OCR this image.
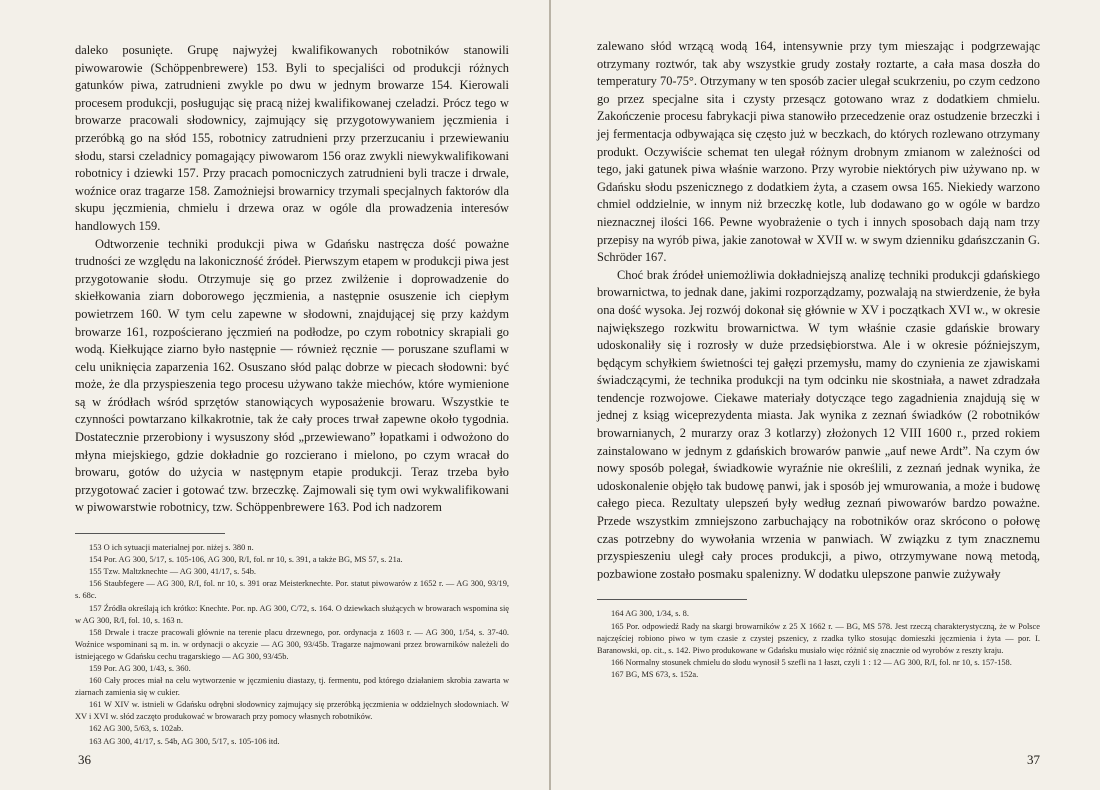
daleko posunięte. Grupę najwyżej kwalifikowanych robotników stanowili piwowarowie (Schöppenbrewere) 153. Byli to specjaliści od produkcji różnych gatunków piwa, zatrudnieni zwykle po dwu w jednym browarze 154. Kierowali procesem produkcji, posługując się pracą niżej kwalifikowanej czeladzi. Prócz tego w browarze pracowali słodownicy, zajmujący się przygotowywaniem jęczmienia i przeróbką go na słód 155, robotnicy zatrudnieni przy przerzucaniu i przewiewaniu słodu, starsi czeladnicy pomagający piwowarom 156 oraz zwykli niewykwalifikowani robotnicy i dziewki 157. Przy pracach pomocniczych zatrudnieni byli tracze i drwale, woźnice oraz tragarze 158. Zamożniejsi browarnicy trzymali specjalnych faktorów dla skupu jęczmienia, chmielu i drzewa oraz w ogóle dla prowadzenia interesów handlowych 159.

Odtworzenie techniki produkcji piwa w Gdańsku nastręcza dość poważne trudności ze względu na lakoniczność źródeł. Pierwszym etapem w produkcji piwa jest przygotowanie słodu. Otrzymuje się go przez zwilżenie i doprowadzenie do skiełkowania ziarn doborowego jęczmienia, a następnie osuszenie ich ciepłym powietrzem 160. W tym celu zapewne w słodowni, znajdującej się przy każdym browarze 161, rozpościerano jęczmień na podłodze, po czym robotnicy skrapiali go wodą. Kiełkujące ziarno było następnie — również ręcznie — poruszane szuflami w celu uniknięcia zaparzenia 162. Osuszano słód paląc dobrze w piecach słodowni: być może, że dla przyspieszenia tego procesu używano także miechów, które wymienione są w źródłach wśród sprzętów stanowiących wyposażenie browaru. Wszystkie te czynności powtarzano kilkakrotnie, tak że cały proces trwał zapewne około tygodnia. Dostatecznie przerobiony i wysuszony słód „przewiewano” łopatkami i odwożono do młyna miejskiego, gdzie dokładnie go rozcierano i mielono, po czym wracał do browaru, gotów do użycia w następnym etapie produkcji. Teraz trzeba było przygotować zacier i gotować tzw. brzeczkę. Zajmowali się tym owi wykwalifikowani w piwowarstwie robotnicy, tzw. Schöppenbrewere 163. Pod ich nadzorem

153 O ich sytuacji materialnej por. niżej s. 380 n.

154 Por. AG 300, 5/17, s. 105-106, AG 300, R/I, fol. nr 10, s. 391, a także BG, MS 57, s. 21a.

155 Tzw. Maltzknechte — AG 300, 41/17, s. 54b.

156 Staubfegere — AG 300, R/I, fol. nr 10, s. 391 oraz Meisterknechte. Por. statut piwowarów z 1652 r. — AG 300, 93/19, s. 68c.

157 Źródła określają ich krótko: Knechte. Por. np. AG 300, C/72, s. 164. O dziewkach służących w browarach wspomina się w AG 300, R/I, fol. 10, s. 163 n.

158 Drwale i tracze pracowali głównie na terenie placu drzewnego, por. ordynacja z 1603 r. — AG 300, 1/54, s. 37-40. Woźnice wspominani są m. in. w ordynacji o akcyzie — AG 300, 93/45b. Tragarze najmowani przez browarników należeli do istniejącego w Gdańsku cechu tragarskiego — AG 300, 93/45b.

159 Por. AG 300, 1/43, s. 360.

160 Cały proces miał na celu wytworzenie w jęczmieniu diastazy, tj. fermentu, pod którego działaniem skrobia zawarta w ziarnach zamienia się w cukier.

161 W XIV w. istnieli w Gdańsku odrębni słodownicy zajmujący się przeróbką jęczmienia w oddzielnych słodowniach. W XV i XVI w. słód zaczęto produkować w browarach przy pomocy własnych robotników.

162 AG 300, 5/63, s. 102ab.

163 AG 300, 41/17, s. 54b, AG 300, 5/17, s. 105-106 itd.

36

zalewano słód wrzącą wodą 164, intensywnie przy tym mieszając i podgrzewając otrzymany roztwór, tak aby wszystkie grudy zostały roztarte, a cała masa doszła do temperatury 70-75°. Otrzymany w ten sposób zacier ulegał scukrzeniu, po czym cedzono go przez specjalne sita i czysty przesącz gotowano wraz z dodatkiem chmielu. Zakończenie procesu fabrykacji piwa stanowiło przecedzenie oraz ostudzenie brzeczki i jej fermentacja odbywająca się często już w beczkach, do których rozlewano otrzymany produkt. Oczywiście schemat ten ulegał różnym drobnym zmianom w zależności od tego, jaki gatunek piwa właśnie warzono. Przy wyrobie niektórych piw używano np. w Gdańsku słodu pszenicznego z dodatkiem żyta, a czasem owsa 165. Niekiedy warzono chmiel oddzielnie, w innym niż brzeczkę kotle, lub dodawano go w ogóle w bardzo nieznacznej ilości 166. Pewne wyobrażenie o tych i innych sposobach dają nam trzy przepisy na wyrób piwa, jakie zanotował w XVII w. w swym dzienniku gdańszczanin G. Schröder 167.

Choć brak źródeł uniemożliwia dokładniejszą analizę techniki produkcji gdańskiego browarnictwa, to jednak dane, jakimi rozporządzamy, pozwalają na stwierdzenie, że była ona dość wysoka. Jej rozwój dokonał się głównie w XV i początkach XVI w., w okresie największego rozkwitu browarnictwa. W tym właśnie czasie gdańskie browary udoskonaliły się i rozrosły w duże przedsiębiorstwa. Ale i w okresie późniejszym, będącym schyłkiem świetności tej gałęzi przemysłu, mamy do czynienia ze zjawiskami świadczącymi, że technika produkcji na tym odcinku nie skostniała, a nawet zdradzała tendencje rozwojowe. Ciekawe materiały dotyczące tego zagadnienia znajdują się w jednej z ksiąg wiceprezydenta miasta. Jak wynika z zeznań świadków (2 robotników browarnianych, 2 murarzy oraz 3 kotlarzy) złożonych 12 VIII 1600 r., przed rokiem zainstalowano w jednym z gdańskich browarów panwie „auf newe Ardt”. Na czym ów nowy sposób polegał, świadkowie wyraźnie nie określili, z zeznań jednak wynika, że udoskonalenie objęło tak budowę panwi, jak i sposób jej wmurowania, a może i budowę całego pieca. Rezultaty ulepszeń były według zeznań piwowarów bardzo poważne. Przede wszystkim zmniejszono zarbuchający na robotników oraz skrócono o połowę czas potrzebny do wywołania wrzenia w panwiach. W związku z tym znacznemu przyspieszeniu uległ cały proces produkcji, a piwo, otrzymywane nową metodą, pozbawione zostało posmaku spalenizny. W dodatku ulepszone panwie zużywały

164 AG 300, 1/34, s. 8.

165 Por. odpowiedź Rady na skargi browarników z 25 X 1662 r. — BG, MS 578. Jest rzeczą charakterystyczną, że w Polsce najczęściej robiono piwo w tym czasie z czystej pszenicy, z rzadka tylko stosując domieszki jęczmienia i żyta — por. I. Baranowski, op. cit., s. 142. Piwo produkowane w Gdańsku musiało więc różnić się znacznie od wyrobów z reszty kraju.

166 Normalny stosunek chmielu do słodu wynosił 5 szefli na 1 łaszt, czyli 1 : 12 — AG 300, R/I, fol. nr 10, s. 157-158.

167 BG, MS 673, s. 152a.

37
